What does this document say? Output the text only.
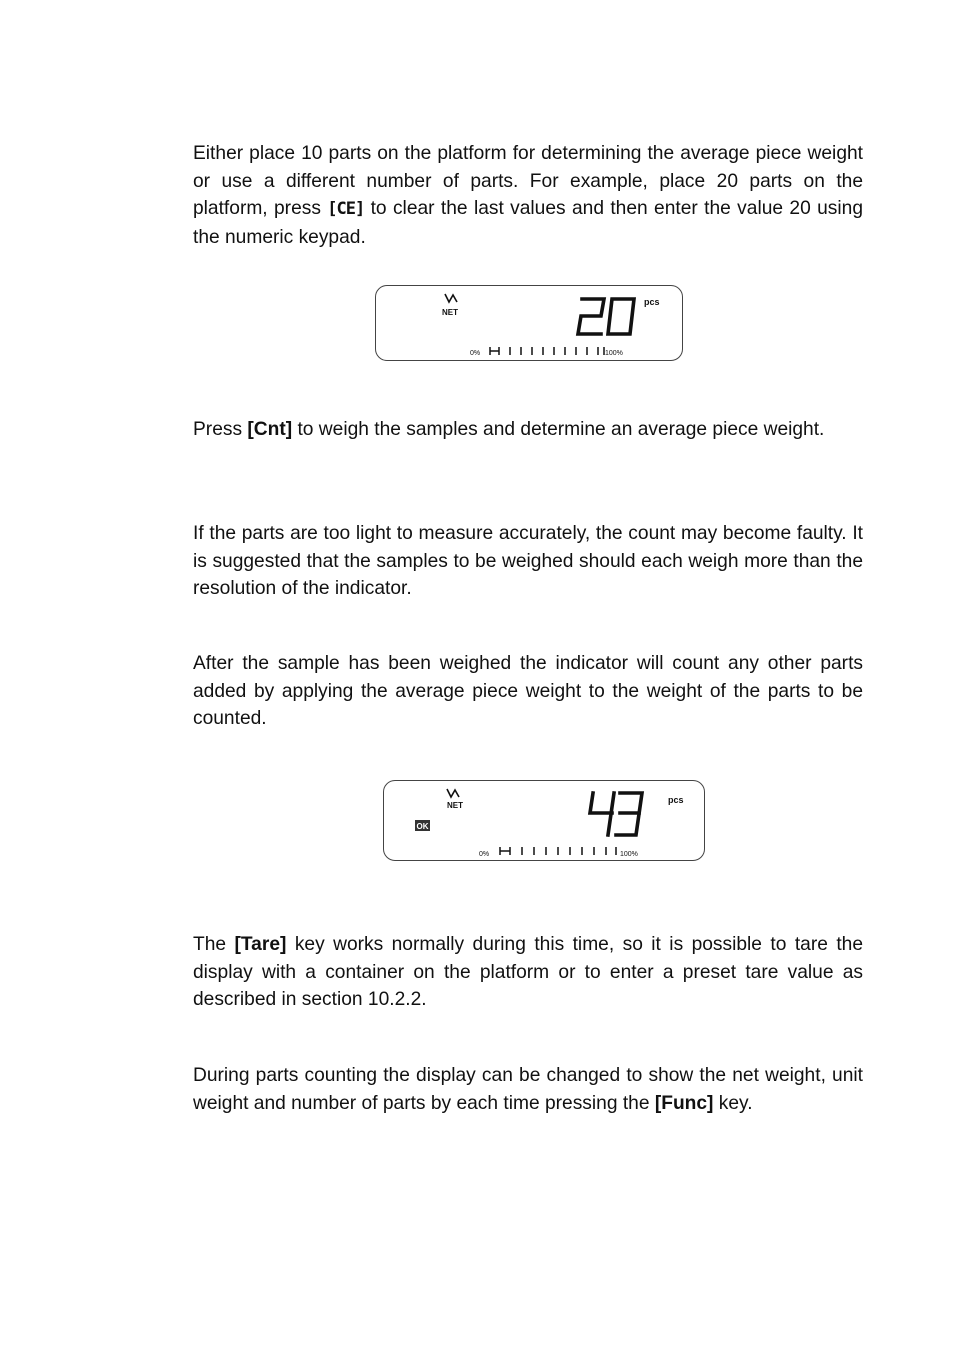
Either place 10 parts on the platform for determining the average piece weight or use a different number of parts. For example, place 20 parts on the platform, press [CE] to clear the last values and then enter the value 20 using the numeric keypad.

NET
pcs
0%	100%

Press [Cnt] to weigh the samples and determine an average piece weight.

If the parts are too light to measure accurately, the count may become faulty. It is suggested that the samples to be weighed should each weigh more than the resolution of the indicator.

After the sample has been weighed the indicator will count any other parts added by applying the average piece weight to the weight of the parts to be counted.

NET
OK
pcs
0%	100%

The [Tare] key works normally during this time, so it is possible to tare the display with a container on the platform or to enter a preset tare value as described in section 10.2.2.

During parts counting the display can be changed to show the net weight, unit weight and number of parts by each time pressing the [Func] key.
